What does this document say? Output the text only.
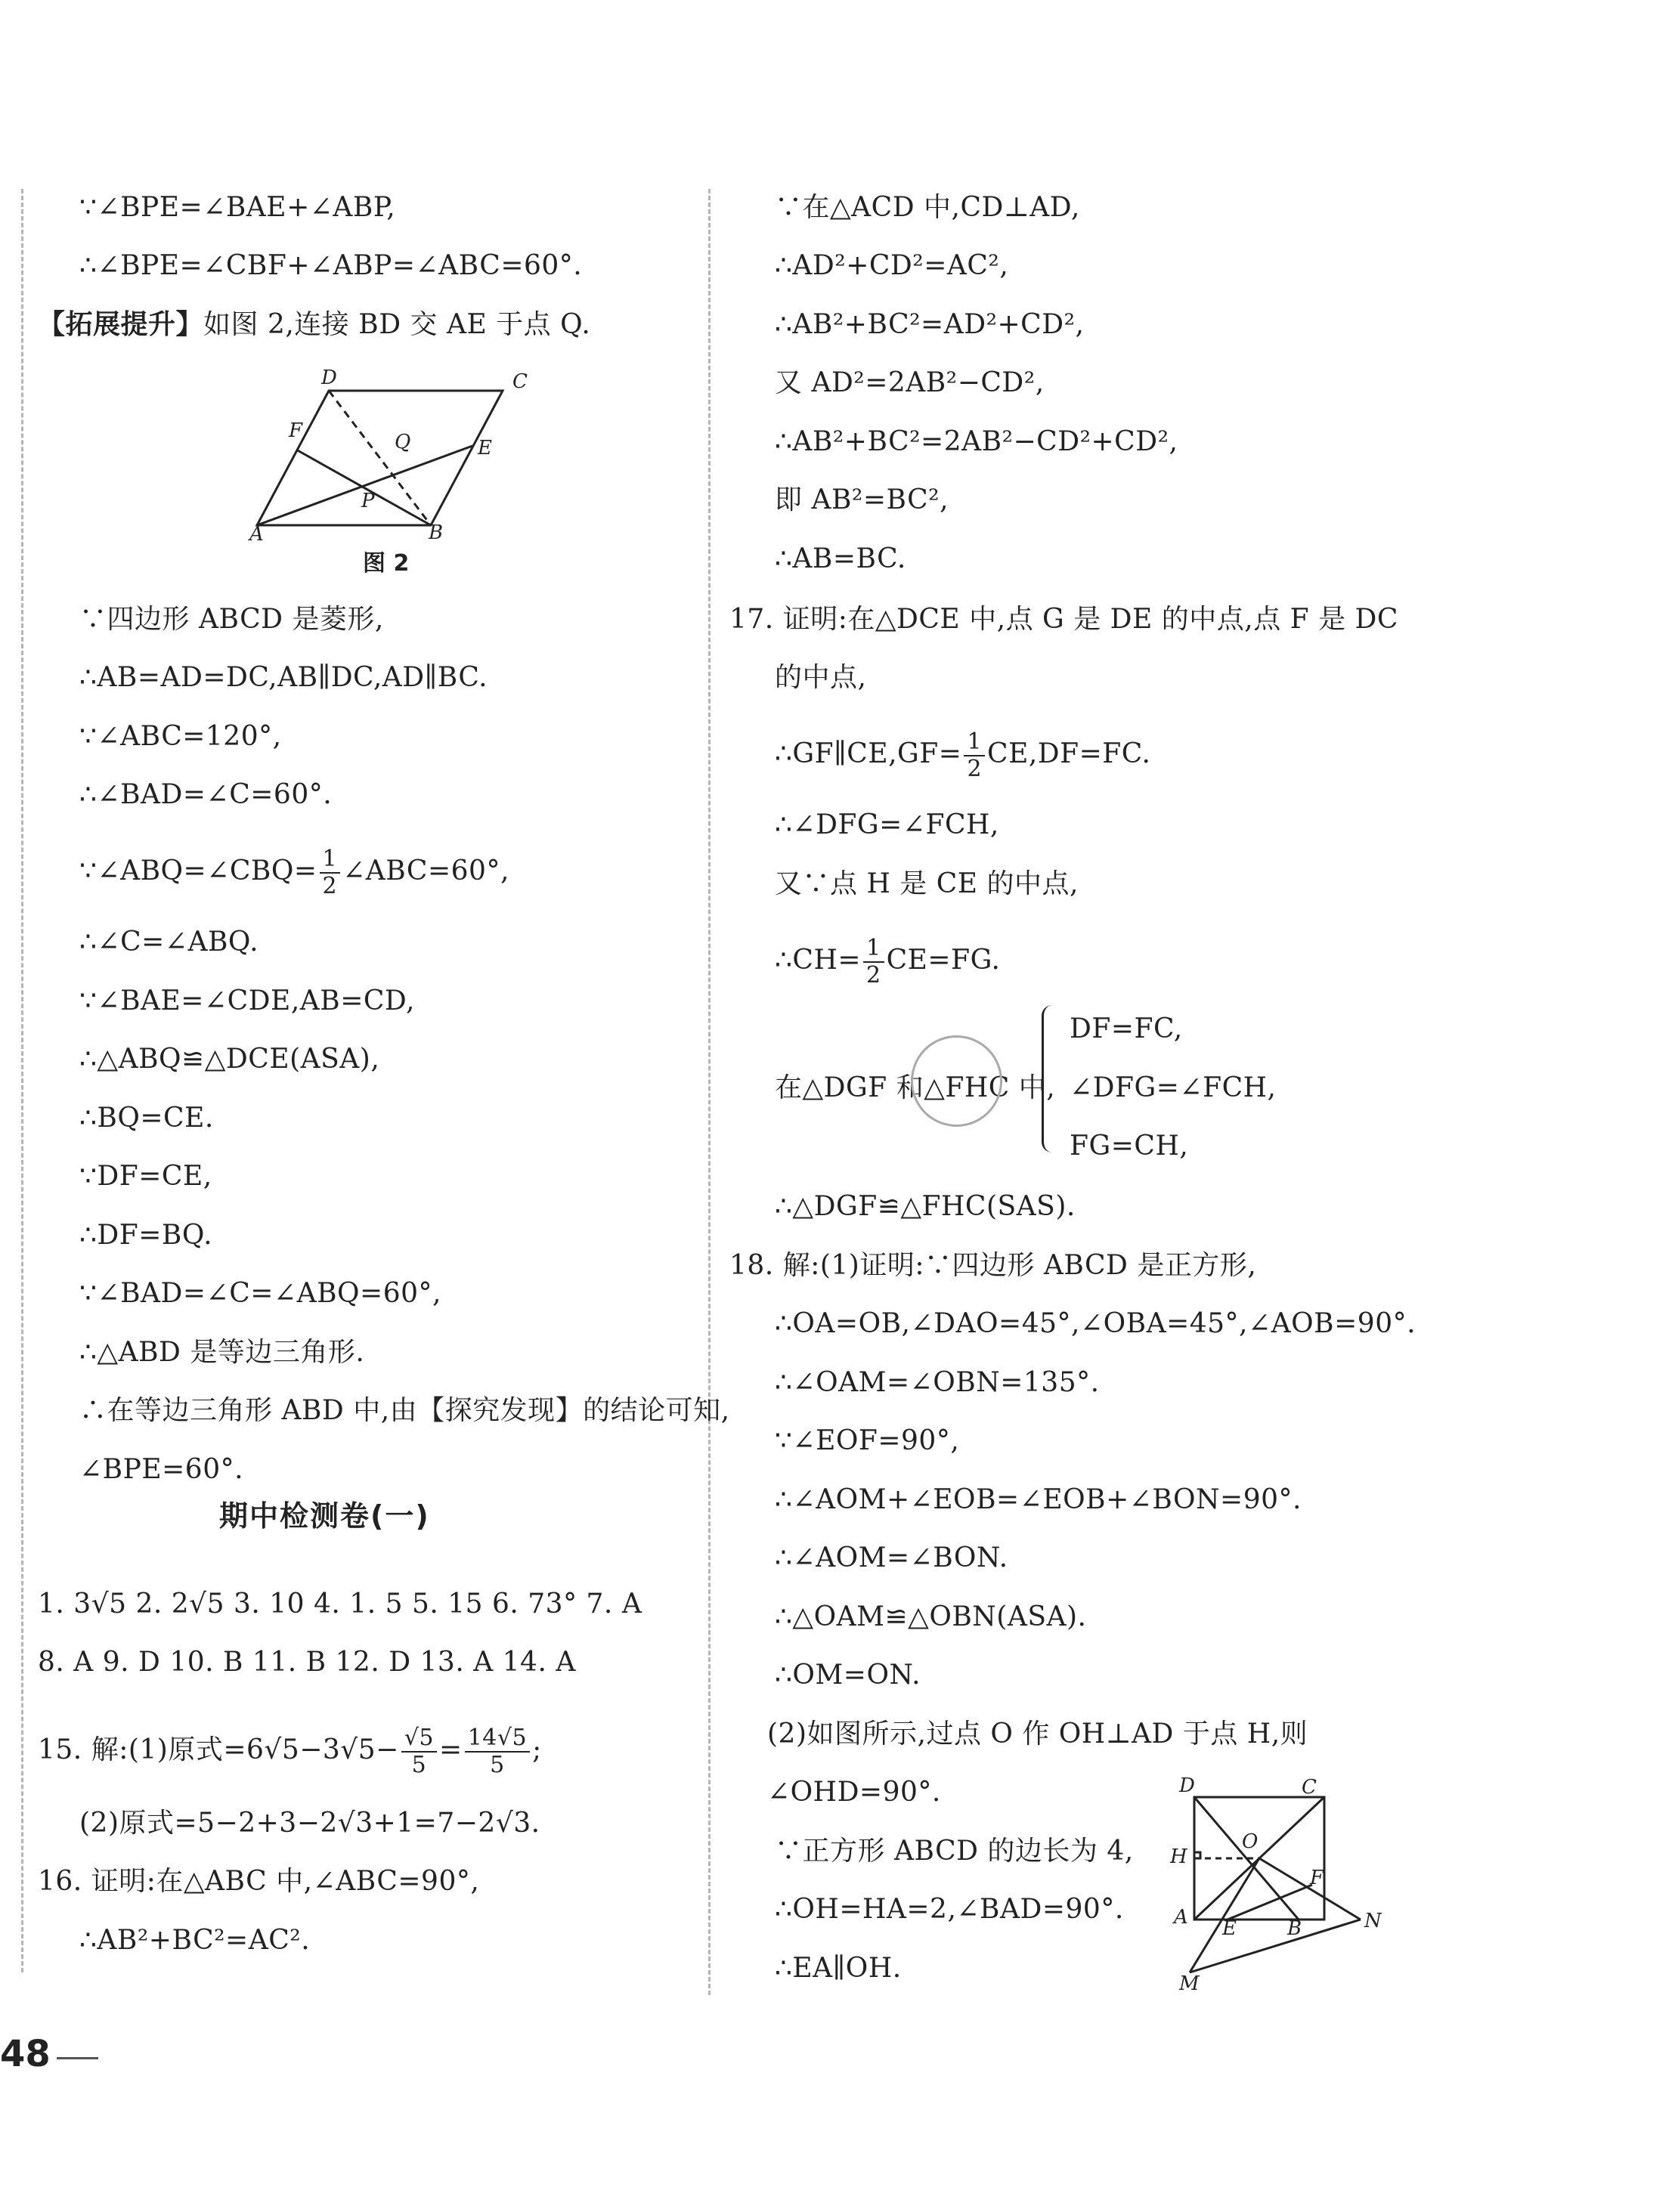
∵∠BPE=∠BAE+∠ABP,
∴∠BPE=∠CBF+∠ABP=∠ABC=60°.
【拓展提升】如图 2,连接 BD 交 AE 于点 Q.
D	C
F	Q	E
P
A	B
图 2
∵四边形 ABCD 是菱形,
∴AB=AD=DC,AB∥DC,AD∥BC.
∵∠ABC=120°,
∴∠BAD=∠C=60°.
∵∠ABQ=∠CBQ= $\frac{1}{2}$ ∠ABC=60°,
∴∠C=∠ABQ.
∵∠BAE=∠CDE,AB=CD,
∴△ABQ≌△DCE(ASA),
∴BQ=CE.
∵DF=CE,
∴DF=BQ.
∵∠BAD=∠C=∠ABQ=60°,
∴△ABD 是等边三角形.
∴在等边三角形 ABD 中,由【探究发现】的结论可知,
∠BPE=60°.
期中检测卷(一)
1. 3√5 2. 2√5 3. 10 4. 1. 5 5. 15 6. 73° 7. A
8. A 9. D 10. B 11. B 12. D 13. A 14. A
15. 解:(1)原式$=6√5-3√5- \frac{√5}{5} = \frac{14√5}{5}$ ;
(2)原式=5−2+3−2√3+1=7−2√3.
16. 证明:在△ABC 中,∠ABC=90°,
∴AB²+BC²=AC².
∵在△ACD 中,CD⊥AD,
∴AD²+CD²=AC²,
∴AB²+BC²=AD²+CD²,
又 AD²=2AB²−CD²,
∴AB²+BC²=2AB²−CD²+CD²,
即 AB²=BC²,
∴AB=BC.
17. 证明:在△DCE 中,点 G 是 DE 的中点,点 F 是 DC
的中点,
∴GF∥CE,GF= $\frac{1}{2} CE,DF=FC$.
∴∠DFG=∠FCH,
又∵点 H 是 CE 的中点,
∴CH= $\frac{1}{2} CE=FG$.
在△DGF 和△FHC 中,
DF=FC,
∠DFG=∠FCH,
FG=CH,
∴△DGF≌△FHC(SAS).
18. 解:(1)证明:∵四边形 ABCD 是正方形,
∴OA=OB,∠DAO=45°,∠OBA=45°,∠AOB=90°.
∴∠OAM=∠OBN=135°.
∵∠EOF=90°,
∴∠AOM+∠EOB=∠EOB+∠BON=90°.
∴∠AOM=∠BON.
∴△OAM≌△OBN(ASA).
∴OM=ON.
(2)如图所示,过点 O 作 OH⊥AD 于点 H,则
∠OHD=90°.
∵正方形 ABCD 的边长为 4,
∴OH=HA=2,∠BAD=90°.
∴EA∥OH.
D	C
H
O
F
A E	B	N
M
48
